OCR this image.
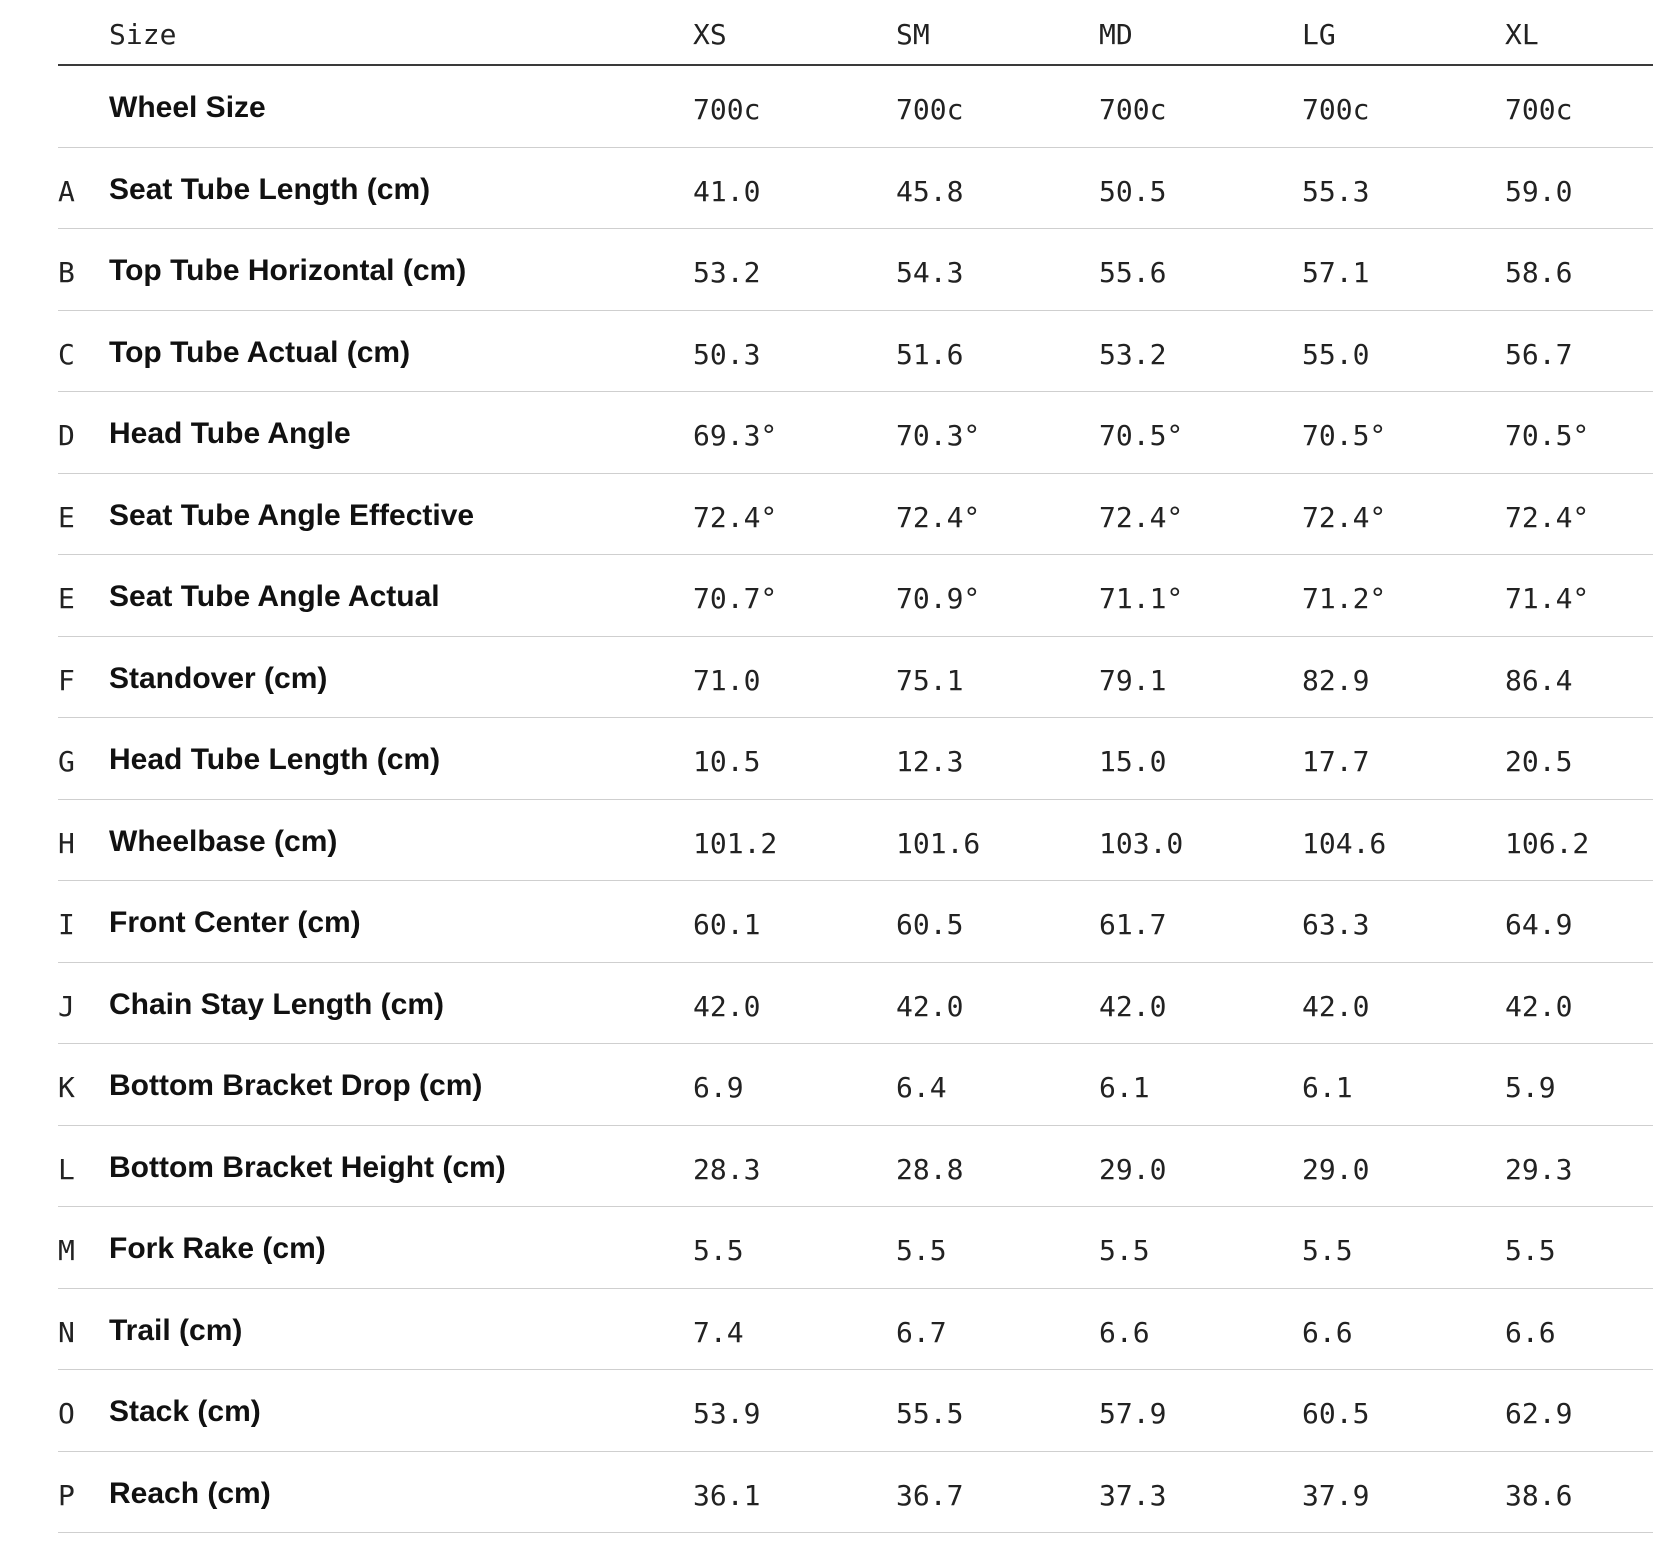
Size	XS	SM	MD	LG	XL
Wheel Size	700c	700c	700c	700c	700c
A Seat Tube Length (cm)	41.0	45.8	50.5	55.3	59.0
B Top Tube Horizontal (cm)	53.2	54.3	55.6	57.1	58.6
C Top Tube Actual (cm)	50.3	51.6	53.2	55.0	56.7
D Head Tube Angle	69.3°	70.3°	70.5°	70.5°	70.5°
E Seat Tube Angle Effective	72.4°	72.4°	72.4°	72.4°	72.4°
E Seat Tube Angle Actual	70.7°	70.9°	71.1°	71.2°	71.4°
F Standover (cm)	71.0	75.1	79.1	82.9	86.4
G Head Tube Length (cm)	10.5	12.3	15.0	17.7	20.5
H Wheelbase (cm)	101.2	101.6	103.0	104.6	106.2
I Front Center (cm)	60.1	60.5	61.7	63.3	64.9
J Chain Stay Length (cm)	42.0	42.0	42.0	42.0	42.0
K Bottom Bracket Drop (cm)	6.9	6.4	6.1	6.1	5.9
L Bottom Bracket Height (cm)	28.3	28.8	29.0	29.0	29.3
M Fork Rake (cm)	5.5	5.5	5.5	5.5	5.5
N Trail (cm)	7.4	6.7	6.6	6.6	6.6
O Stack (cm)	53.9	55.5	57.9	60.5	62.9
P Reach (cm)	36.1	36.7	37.3	37.9	38.6
